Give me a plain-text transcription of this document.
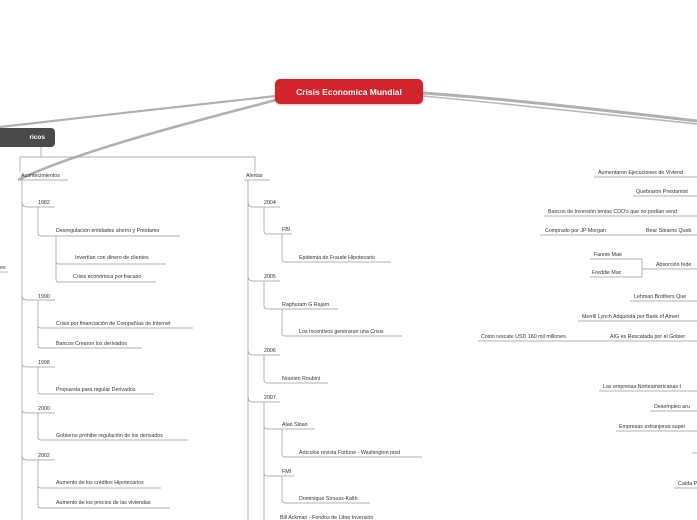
Crisis Economica Mundial
ricos
es
Acontecimientos
1982
Desregulación entidades ahorro y Préstamo
Invertían con dinero de clientes
Crisis económica por fracaso
1990
Crisis por financiación de Compañías de Internet
Bancos Crearon los derivados
1998
Propuesta para regular Derivados
2000
Gobierno prohibe regulación de los derivados
2002
Aumento de los créditos Hipotecarios
Aumento de los precios de las viviendas
Alertas
2004
FBI
Epidemia de Fraude Hipotecario
2005
Raghuram G Rajam
Los Incentivos generaran una Crisis
2006
Nourien Roubini
2007
Alan Sloan
Articulos revista Fortune - Washington post
FMI
Dominique Strouss-Kalth
Bill Ackman - Fondos de Libre Inversión
Aumentaron Ejecuciones de Viviend
Quebraron Prestamist
Bancos de Inversión tenías CDO's que no podían vend
Comprado por JP Morgan	Bear Stearns Queb
Fannie Mae
Freddie Mac
Absorción fede
Lehman Brothers Que
Merrill Lynch Adquirida por Bank of Ameri
Costo rescate USD 160 mil millones	AIG es Rescatada por el Gobier
Las empresas Norteamericanas t
Desempleo aru
Empresas extranjeras super
Caída P
